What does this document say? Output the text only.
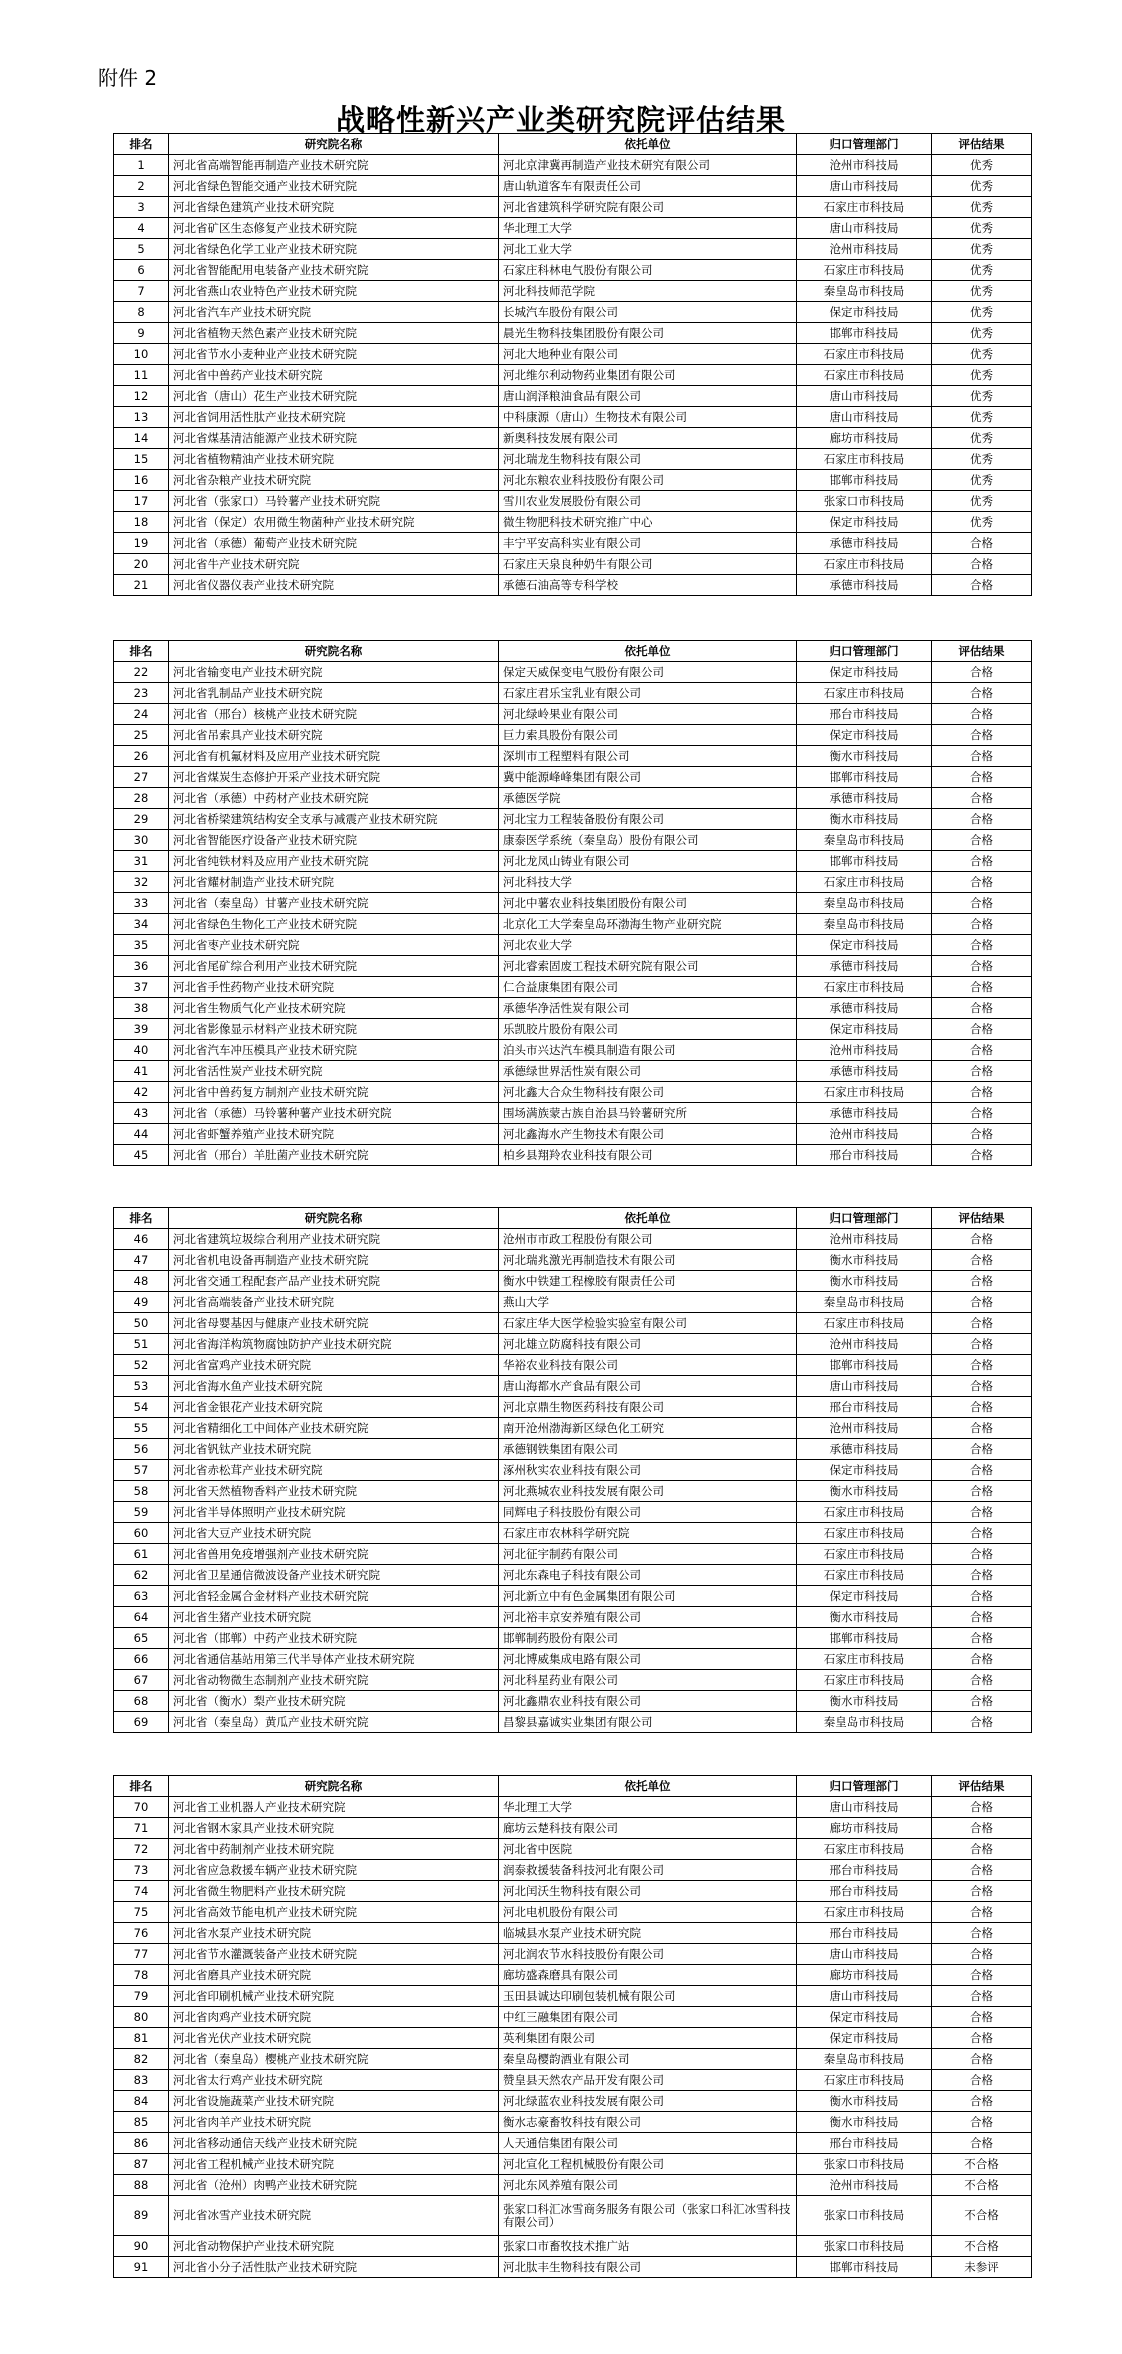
附件 2
战略性新兴产业类研究院评估结果
排名	研究院名称	依托单位	归口管理部门	评估结果
1	河北省高端智能再制造产业技术研究院	河北京津冀再制造产业技术研究有限公司	沧州市科技局	优秀
2	河北省绿色智能交通产业技术研究院	唐山轨道客车有限责任公司	唐山市科技局	优秀
3	河北省绿色建筑产业技术研究院	河北省建筑科学研究院有限公司	石家庄市科技局	优秀
4	河北省矿区生态修复产业技术研究院	华北理工大学	唐山市科技局	优秀
5	河北省绿色化学工业产业技术研究院	河北工业大学	沧州市科技局	优秀
6	河北省智能配用电装备产业技术研究院	石家庄科林电气股份有限公司	石家庄市科技局	优秀
7	河北省燕山农业特色产业技术研究院	河北科技师范学院	秦皇岛市科技局	优秀
8	河北省汽车产业技术研究院	长城汽车股份有限公司	保定市科技局	优秀
9	河北省植物天然色素产业技术研究院	晨光生物科技集团股份有限公司	邯郸市科技局	优秀
10	河北省节水小麦种业产业技术研究院	河北大地种业有限公司	石家庄市科技局	优秀
11	河北省中兽药产业技术研究院	河北维尔利动物药业集团有限公司	石家庄市科技局	优秀
12	河北省（唐山）花生产业技术研究院	唐山润泽粮油食品有限公司	唐山市科技局	优秀
13	河北省饲用活性肽产业技术研究院	中科康源（唐山）生物技术有限公司	唐山市科技局	优秀
14	河北省煤基清洁能源产业技术研究院	新奥科技发展有限公司	廊坊市科技局	优秀
15	河北省植物精油产业技术研究院	河北瑞龙生物科技有限公司	石家庄市科技局	优秀
16	河北省杂粮产业技术研究院	河北东粮农业科技股份有限公司	邯郸市科技局	优秀
17	河北省（张家口）马铃薯产业技术研究院	雪川农业发展股份有限公司	张家口市科技局	优秀
18	河北省（保定）农用微生物菌种产业技术研究院	微生物肥科技术研究推广中心	保定市科技局	优秀
19	河北省（承德）葡萄产业技术研究院	丰宁平安高科实业有限公司	承德市科技局	合格
20	河北省牛产业技术研究院	石家庄天泉良种奶牛有限公司	石家庄市科技局	合格
21	河北省仪器仪表产业技术研究院	承德石油高等专科学校	承德市科技局	合格
排名	研究院名称	依托单位	归口管理部门	评估结果
22	河北省输变电产业技术研究院	保定天威保变电气股份有限公司	保定市科技局	合格
23	河北省乳制品产业技术研究院	石家庄君乐宝乳业有限公司	石家庄市科技局	合格
24	河北省（邢台）核桃产业技术研究院	河北绿岭果业有限公司	邢台市科技局	合格
25	河北省吊索具产业技术研究院	巨力索具股份有限公司	保定市科技局	合格
26	河北省有机氟材料及应用产业技术研究院	深圳市工程塑料有限公司	衡水市科技局	合格
27	河北省煤炭生态修护开采产业技术研究院	冀中能源峰峰集团有限公司	邯郸市科技局	合格
28	河北省（承德）中药材产业技术研究院	承德医学院	承德市科技局	合格
29	河北省桥梁建筑结构安全支承与减震产业技术研究院	河北宝力工程装备股份有限公司	衡水市科技局	合格
30	河北省智能医疗设备产业技术研究院	康泰医学系统（秦皇岛）股份有限公司	秦皇岛市科技局	合格
31	河北省纯铁材料及应用产业技术研究院	河北龙凤山铸业有限公司	邯郸市科技局	合格
32	河北省耀材制造产业技术研究院	河北科技大学	石家庄市科技局	合格
33	河北省（秦皇岛）甘薯产业技术研究院	河北中薯农业科技集团股份有限公司	秦皇岛市科技局	合格
34	河北省绿色生物化工产业技术研究院	北京化工大学秦皇岛环渤海生物产业研究院	秦皇岛市科技局	合格
35	河北省枣产业技术研究院	河北农业大学	保定市科技局	合格
36	河北省尾矿综合利用产业技术研究院	河北睿索固废工程技术研究院有限公司	承德市科技局	合格
37	河北省手性药物产业技术研究院	仁合益康集团有限公司	石家庄市科技局	合格
38	河北省生物质气化产业技术研究院	承德华净活性炭有限公司	承德市科技局	合格
39	河北省影像显示材料产业技术研究院	乐凯胶片股份有限公司	保定市科技局	合格
40	河北省汽车冲压模具产业技术研究院	泊头市兴达汽车模具制造有限公司	沧州市科技局	合格
41	河北省活性炭产业技术研究院	承德绿世界活性炭有限公司	承德市科技局	合格
42	河北省中兽药复方制剂产业技术研究院	河北鑫大合众生物科技有限公司	石家庄市科技局	合格
43	河北省（承德）马铃薯种薯产业技术研究院	围场满族蒙古族自治县马铃薯研究所	承德市科技局	合格
44	河北省虾蟹养殖产业技术研究院	河北鑫海水产生物技术有限公司	沧州市科技局	合格
45	河北省（邢台）羊肚菌产业技术研究院	柏乡县翔羚农业科技有限公司	邢台市科技局	合格
排名	研究院名称	依托单位	归口管理部门	评估结果
46	河北省建筑垃圾综合利用产业技术研究院	沧州市市政工程股份有限公司	沧州市科技局	合格
47	河北省机电设备再制造产业技术研究院	河北瑞兆激光再制造技术有限公司	衡水市科技局	合格
48	河北省交通工程配套产品产业技术研究院	衡水中铁建工程橡胶有限责任公司	衡水市科技局	合格
49	河北省高端装备产业技术研究院	燕山大学	秦皇岛市科技局	合格
50	河北省母婴基因与健康产业技术研究院	石家庄华大医学检验实验室有限公司	石家庄市科技局	合格
51	河北省海洋构筑物腐蚀防护产业技术研究院	河北雄立防腐科技有限公司	沧州市科技局	合格
52	河北省富鸡产业技术研究院	华裕农业科技有限公司	邯郸市科技局	合格
53	河北省海水鱼产业技术研究院	唐山海都水产食品有限公司	唐山市科技局	合格
54	河北省金银花产业技术研究院	河北京鼎生物医药科技有限公司	邢台市科技局	合格
55	河北省精细化工中间体产业技术研究院	南开沧州渤海新区绿色化工研究	沧州市科技局	合格
56	河北省钒钛产业技术研究院	承德钢铁集团有限公司	承德市科技局	合格
57	河北省赤松茸产业技术研究院	涿州秋实农业科技有限公司	保定市科技局	合格
58	河北省天然植物香料产业技术研究院	河北燕城农业科技发展有限公司	衡水市科技局	合格
59	河北省半导体照明产业技术研究院	同辉电子科技股份有限公司	石家庄市科技局	合格
60	河北省大豆产业技术研究院	石家庄市农林科学研究院	石家庄市科技局	合格
61	河北省兽用免疫增强剂产业技术研究院	河北征宇制药有限公司	石家庄市科技局	合格
62	河北省卫星通信微波设备产业技术研究院	河北东森电子科技有限公司	石家庄市科技局	合格
63	河北省轻金属合金材料产业技术研究院	河北新立中有色金属集团有限公司	保定市科技局	合格
64	河北省生猪产业技术研究院	河北裕丰京安养殖有限公司	衡水市科技局	合格
65	河北省（邯郸）中药产业技术研究院	邯郸制药股份有限公司	邯郸市科技局	合格
66	河北省通信基站用第三代半导体产业技术研究院	河北博威集成电路有限公司	石家庄市科技局	合格
67	河北省动物微生态制剂产业技术研究院	河北科星药业有限公司	石家庄市科技局	合格
68	河北省（衡水）梨产业技术研究院	河北鑫鼎农业科技有限公司	衡水市科技局	合格
69	河北省（秦皇岛）黄瓜产业技术研究院	昌黎县嘉诚实业集团有限公司	秦皇岛市科技局	合格
排名	研究院名称	依托单位	归口管理部门	评估结果
70	河北省工业机器人产业技术研究院	华北理工大学	唐山市科技局	合格
71	河北省钢木家具产业技术研究院	廊坊云楚科技有限公司	廊坊市科技局	合格
72	河北省中药制剂产业技术研究院	河北省中医院	石家庄市科技局	合格
73	河北省应急救援车辆产业技术研究院	润泰救援装备科技河北有限公司	邢台市科技局	合格
74	河北省微生物肥料产业技术研究院	河北闰沃生物科技有限公司	邢台市科技局	合格
75	河北省高效节能电机产业技术研究院	河北电机股份有限公司	石家庄市科技局	合格
76	河北省水泵产业技术研究院	临城县水泵产业技术研究院	邢台市科技局	合格
77	河北省节水灌溉装备产业技术研究院	河北润农节水科技股份有限公司	唐山市科技局	合格
78	河北省磨具产业技术研究院	廊坊盛森磨具有限公司	廊坊市科技局	合格
79	河北省印刷机械产业技术研究院	玉田县诚达印刷包装机械有限公司	唐山市科技局	合格
80	河北省肉鸡产业技术研究院	中红三融集团有限公司	保定市科技局	合格
81	河北省光伏产业技术研究院	英利集团有限公司	保定市科技局	合格
82	河北省（秦皇岛）樱桃产业技术研究院	秦皇岛樱韵酒业有限公司	秦皇岛市科技局	合格
83	河北省太行鸡产业技术研究院	赞皇县天然农产品开发有限公司	石家庄市科技局	合格
84	河北省设施蔬菜产业技术研究院	河北绿蓝农业科技发展有限公司	衡水市科技局	合格
85	河北省肉羊产业技术研究院	衡水志豪畜牧科技有限公司	衡水市科技局	合格
86	河北省移动通信天线产业技术研究院	人天通信集团有限公司	邢台市科技局	合格
87	河北省工程机械产业技术研究院	河北宣化工程机械股份有限公司	张家口市科技局	不合格
88	河北省（沧州）肉鸭产业技术研究院	河北东风养殖有限公司	沧州市科技局	不合格
89	河北省冰雪产业技术研究院	张家口科汇冰雪商务服务有限公司（张家口科汇冰雪科技有限公司）	张家口市科技局	不合格
90	河北省动物保护产业技术研究院	张家口市畜牧技术推广站	张家口市科技局	不合格
91	河北省小分子活性肽产业技术研究院	河北肽丰生物科技有限公司	邯郸市科技局	未参评
